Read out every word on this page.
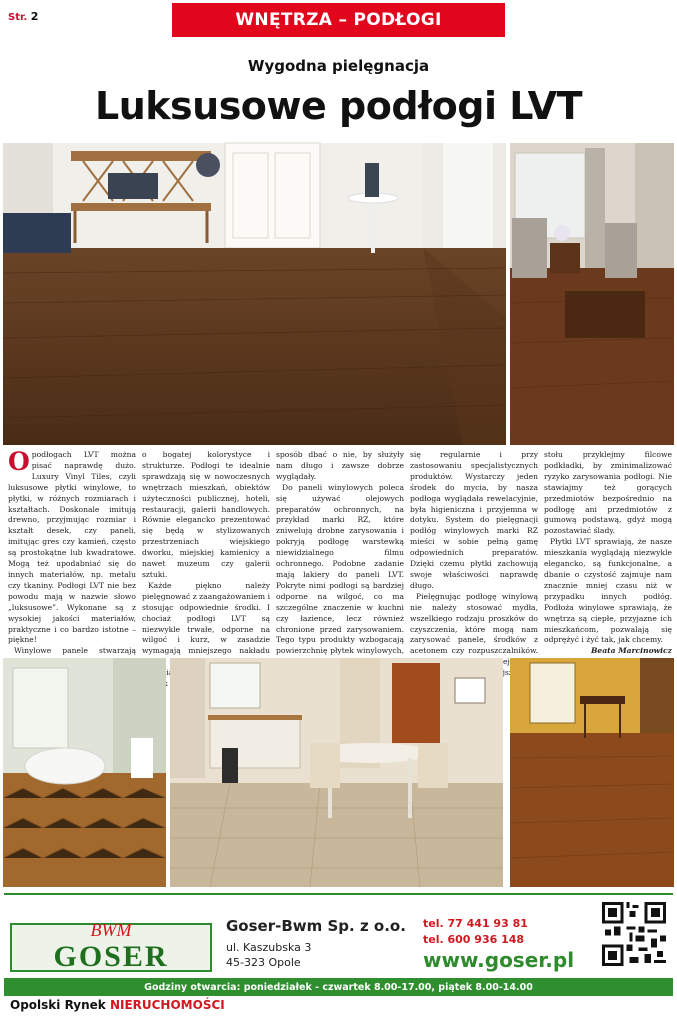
Str. 2	WNĘTRZA – PODŁOGI
Wygodna pielęgnacja
Luksusowe podłogi LVT

Opodłogach LVT można pisać naprawdę dużo. Luxury Vinyl Tiles, czyli luksusowe płytki winylowe, to płytki, w różnych rozmiarach i kształtach. Doskonale imitują drewno, przyjmując rozmiar i kształt desek, czy paneli, imitując gres czy kamień, często są prostokątne lub kwadratowe. Mogą też upodabniać się do innych materiałów, np. metalu czy tkaniny. Podłogi LVT nie bez powodu mają w nazwie słowo „luksusowe”. Wykonane są z wysokiej jakości materiałów, praktyczne i co bardzo istotne – piękne!

Winylowe panele stwarzają

o bogatej kolorystyce i strukturze. Podłogi te idealnie sprawdzają się w nowoczesnych wnętrzach mieszkań, obiektów użyteczności publicznej, hoteli, restauracji, galerii handlowych. Równie elegancko prezentować się będą w stylizowanych przestrzeniach wiejskiego dworku, miejskiej kamienicy a nawet muzeum czy galerii sztuki.

Każde piękno należy pielęgnować z zaangażowaniem i stosując odpowiednie środki. I chociaż podłogi LVT są niezwykle trwałe, odporne na wilgoć i kurz, w zasadzie wymagają mniejszego nakładu

sposób dbać o nie, by służyły nam długo i zawsze dobrze wyglądały.

Do paneli winylowych poleca się używać olejowych preparatów ochronnych, na przykład marki RZ, które zniwelują drobne zarysowania i pokryją podłogę warstewką niewidzialnego filmu ochronnego. Podobne zadanie mają lakiery do paneli LVT. Pokryte nimi podłogi są bardziej odporne na wilgoć, co ma szczególne znaczenie w kuchni czy łazience, lecz również chronione przed zarysowaniem. Tego typu produkty wzbogacają powierzchnię płytek winylowych,

się regularnie i przy zastosowaniu specjalistycznych produktów. Wystarczy jeden środek do mycia, by nasza podłoga wyglądała rewelacyjnie, była higieniczna i przyjemna w dotyku. System do pielęgnacji podłóg winylowych marki RZ mieści w sobie pełną gamę odpowiednich preparatów. Dzięki czemu płytki zachowują swoje właściwości naprawdę długo.

Pielęgnując podłogę winylową nie należy stosować mydła, wszelkiego rodzaju proszków do czyszczenia, które mogą nam zarysować panele, środków z acetonem czy rozpuszczalników.

stołu przyklejmy filcowe podkładki, by zminimalizować ryzyko zarysowania podłogi. Nie stawiajmy też gorących przedmiotów bezpośrednio na podłogę ani przedmiotów z gumową podstawą, gdyż mogą pozostawiać ślady.

Płytki LVT sprawiają, że nasze mieszkania wyglądają niezwykle elegancko, są funkcjonalne, a dbanie o czystość zajmuje nam znacznie mniej czasu niż w przypadku innych podłóg. Podłoża winylowe sprawiają, że wnętrza są ciepłe, przyjazne ich mieszkańcom, pozwalają się odprężyć i żyć tak, jak chcemy.

Beata Marcinowicz

BWM
GOSER
Goser-Bwm Sp. z o.o.
ul. Kaszubska 3
45-323 Opole
tel. 77 441 93 81
tel. 600 936 148
www.goser.pl
Godziny otwarcia: poniedziałek - czwartek 8.00-17.00, piątek 8.00-14.00
Opolski Rynek NIERUCHOMOŚCI
